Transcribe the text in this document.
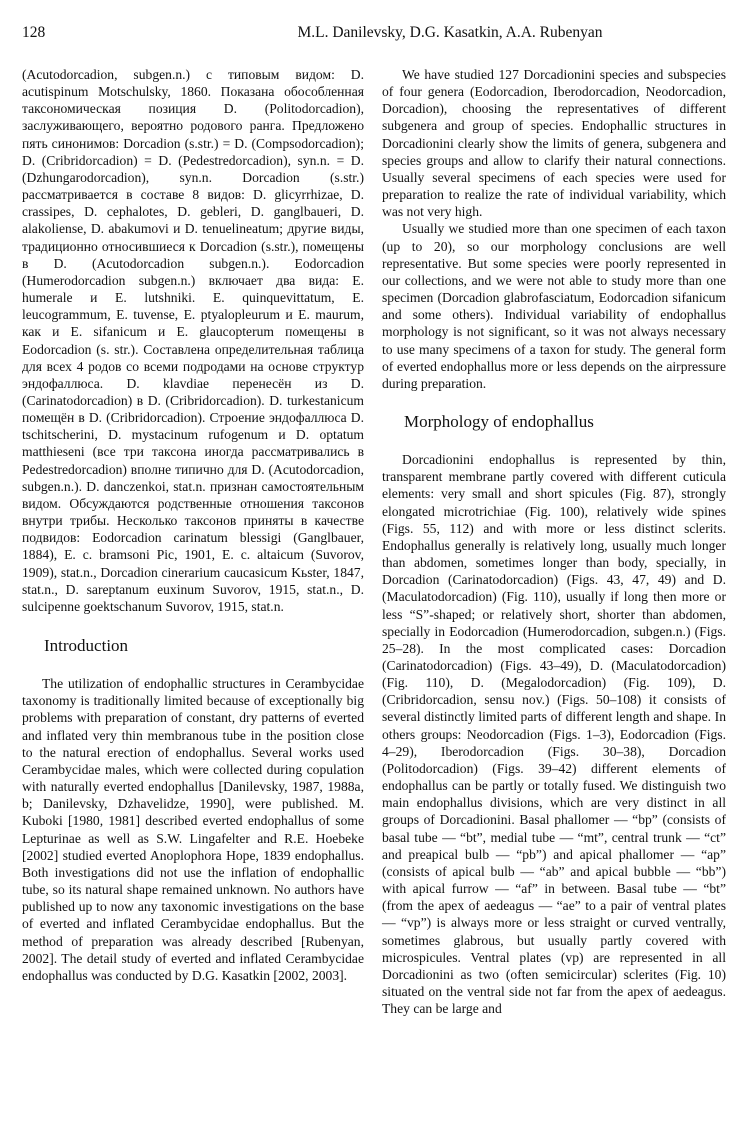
128	M.L. Danilevsky, D.G. Kasatkin, A.A. Rubenyan

(Acutodorcadion, subgen.n.) с типовым видом: D. acutispinum Motschulsky, 1860. Показана обособленная таксономическая позиция D. (Politodorcadion), заслуживающего, вероятно родового ранга. Предложено пять синонимов: Dorcadion (s.str.) = D. (Compsodorcadion); D. (Cribridorcadion) = D. (Pedestredorcadion), syn.n. = D. (Dzhungarodorcadion), syn.n. Dorcadion (s.str.) рассматривается в составе 8 видов: D. glicyrrhizae, D. crassipes, D. cephalotes, D. gebleri, D. ganglbaueri, D. alakoliense, D. abakumovi и D. tenuelineatum; другие виды, традиционно относившиеся к Dorcadion (s.str.), помещены в D. (Acutodorcadion subgen.n.). Eodorcadion (Humerodorcadion subgen.n.) включает два вида: E. humerale и E. lutshniki. E. quinquevittatum, E. leucogrammum, E. tuvense, E. ptyalopleurum и E. maurum, как и E. sifanicum и E. glaucopterum помещены в Eodorcadion (s. str.). Составлена определительная таблица для всех 4 родов со всеми подродами на основе структур эндофаллюса. D. klavdiae перенесён из D. (Carinatodorcadion) в D. (Cribridorcadion). D. turkestanicum помещён в D. (Cribridorcadion). Строение эндофаллюса D. tschitscherini, D. mystacinum rufogenum и D. optatum matthieseni (все три таксона иногда рассматривались в Pedestredorcadion) вполне типично для D. (Acutodorcadion, subgen.n.). D. danczenkoi, stat.n. признан самостоятельным видом. Обсуждаются родственные отношения таксонов внутри трибы. Несколько таксонов приняты в качестве подвидов: Eodorcadion carinatum blessigi (Ganglbauer, 1884), E. c. bramsoni Pic, 1901, E. c. altaicum (Suvorov, 1909), stat.n., Dorcadion cinerarium caucasicum Kьster, 1847, stat.n., D. sareptanum euxinum Suvorov, 1915, stat.n., D. sulcipenne goektschanum Suvorov, 1915, stat.n.

Introduction

The utilization of endophallic structures in Cerambycidae taxonomy is traditionally limited because of exceptionally big problems with preparation of constant, dry patterns of everted and inflated very thin membranous tube in the position close to the natural erection of endophallus. Several works used Cerambycidae males, which were collected during copulation with naturally everted endophallus [Danilevsky, 1987, 1988a, b; Danilevsky, Dzhavelidze, 1990], were published. M. Kuboki [1980, 1981] described everted endophallus of some Lepturinae as well as S.W. Lingafelter and R.E. Hoebeke [2002] studied everted Anoplophora Hope, 1839 endophallus. Both investigations did not use the inflation of endophallic tube, so its natural shape remained unknown. No authors have published up to now any taxonomic investigations on the base of everted and inflated Cerambycidae endophallus. But the method of preparation was already described [Rubenyan, 2002]. The detail study of everted and inflated Cerambycidae endophallus was conducted by D.G. Kasatkin [2002, 2003].

We have studied 127 Dorcadionini species and subspecies of four genera (Eodorcadion, Iberodorcadion, Neodorcadion, Dorcadion), choosing the representatives of different subgenera and group of species. Endophallic structures in Dorcadionini clearly show the limits of genera, subgenera and species groups and allow to clarify their natural connections. Usually several specimens of each species were used for preparation to realize the rate of individual variability, which was not very high.

Usually we studied more than one specimen of each taxon (up to 20), so our morphology conclusions are well representative. But some species were poorly represented in our collections, and we were not able to study more than one specimen (Dorcadion glabrofasciatum, Eodorcadion sifanicum and some others). Individual variability of endophallus morphology is not significant, so it was not always necessary to use many specimens of a taxon for study. The general form of everted endophallus more or less depends on the airpressure during preparation.

Morphology of endophallus

Dorcadionini endophallus is represented by thin, transparent membrane partly covered with different cuticula elements: very small and short spicules (Fig. 87), strongly elongated microtrichiae (Fig. 100), relatively wide spines (Figs. 55, 112) and with more or less distinct sclerits. Endophallus generally is relatively long, usually much longer than abdomen, sometimes longer than body, specially, in Dorcadion (Carinatodorcadion) (Figs. 43, 47, 49) and D. (Maculatodorcadion) (Fig. 110), usually if long then more or less “S”-shaped; or relatively short, shorter than abdomen, specially in Eodorcadion (Humerodorcadion, subgen.n.) (Figs. 25–28). In the most complicated cases: Dorcadion (Carinatodorcadion) (Figs. 43–49), D. (Maculatodorcadion) (Fig. 110), D. (Megalodorcadion) (Fig. 109), D. (Cribridorcadion, sensu nov.) (Figs. 50–108) it consists of several distinctly limited parts of different length and shape. In others groups: Neodorcadion (Figs. 1–3), Eodorcadion (Figs. 4–29), Iberodorcadion (Figs. 30–38), Dorcadion (Politodorcadion) (Figs. 39–42) different elements of endophallus can be partly or totally fused. We distinguish two main endophallus divisions, which are very distinct in all groups of Dorcadionini. Basal phallomer — “bp” (consists of basal tube — “bt”, medial tube — “mt”, central trunk — “ct” and preapical bulb — “pb”) and apical phallomer — “ap” (consists of apical bulb — “ab” and apical bubble — “bb”) with apical furrow — “af” in between. Basal tube — “bt” (from the apex of aedeagus — “ae” to a pair of ventral plates — “vp”) is always more or less straight or curved ventrally, sometimes glabrous, but usually partly covered with microspicules. Ventral plates (vp) are represented in all Dorcadionini as two (often semicircular) sclerites (Fig. 10) situated on the ventral side not far from the apex of aedeagus. They can be large and
